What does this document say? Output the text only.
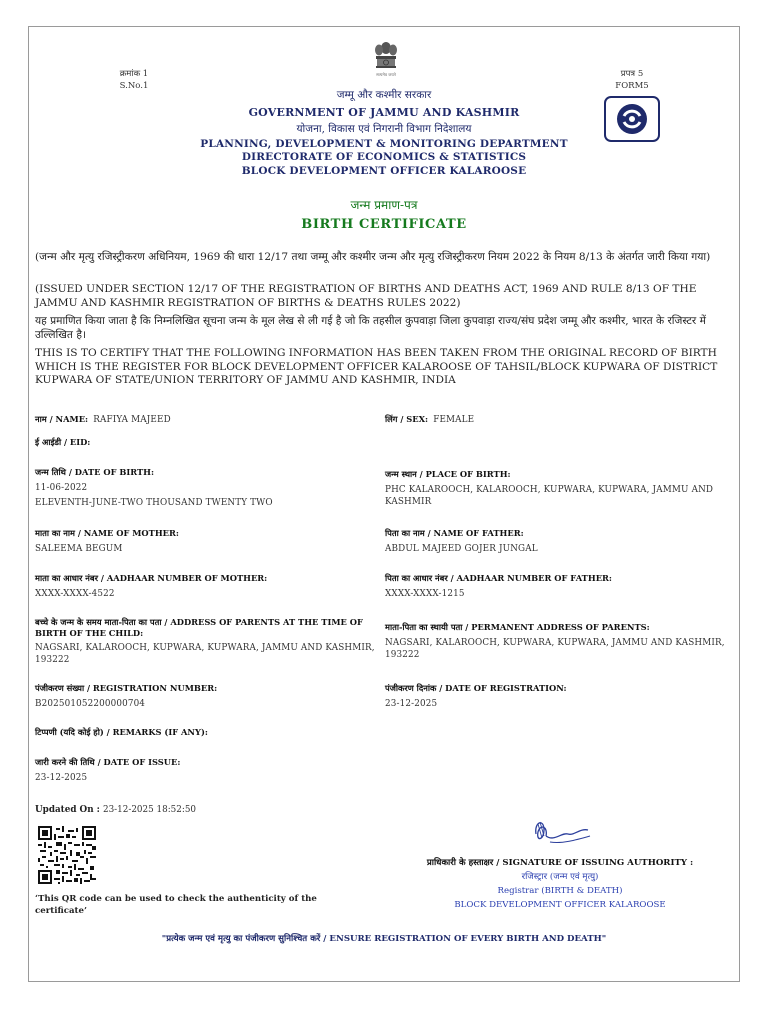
क्रमांक 1
S.No.1
प्रपत्र 5
FORM5
सत्यमेव जयते
जम्मू और कश्मीर सरकार
GOVERNMENT OF JAMMU AND KASHMIR
योजना, विकास एवं निगरानी विभाग निदेशालय
PLANNING, DEVELOPMENT & MONITORING DEPARTMENT
DIRECTORATE OF ECONOMICS & STATISTICS
BLOCK DEVELOPMENT OFFICER KALAROOSE
जन्म प्रमाण-पत्र
BIRTH CERTIFICATE
(जन्म और मृत्यु रजिस्ट्रीकरण अधिनियम, 1969 की धारा 12/17 तथा जम्मू और कश्मीर जन्म और मृत्यु रजिस्ट्रीकरण नियम 2022 के नियम 8/13 के अंतर्गत जारी किया गया)
(ISSUED UNDER SECTION 12/17 OF THE REGISTRATION OF BIRTHS AND DEATHS ACT, 1969 AND RULE 8/13 OF THE JAMMU AND KASHMIR REGISTRATION OF BIRTHS & DEATHS RULES 2022)
यह प्रमाणित किया जाता है कि निम्नलिखित सूचना जन्म के मूल लेख से ली गई है जो कि तहसील कुपवाड़ा जिला कुपवाड़ा राज्य/संघ प्रदेश जम्मू और कश्मीर, भारत के रजिस्टर में उल्लिखित है।
THIS IS TO CERTIFY THAT THE FOLLOWING INFORMATION HAS BEEN TAKEN FROM THE ORIGINAL RECORD OF BIRTH WHICH IS THE REGISTER FOR BLOCK DEVELOPMENT OFFICER KALAROOSE OF TAHSIL/BLOCK KUPWARA OF DISTRICT KUPWARA OF STATE/UNION TERRITORY OF JAMMU AND KASHMIR, INDIA
नाम / NAME: RAFIYA MAJEED	लिंग / SEX: FEMALE
ई आईडी / EID:
जन्म तिथि / DATE OF BIRTH:
11-06-2022
ELEVENTH-JUNE-TWO THOUSAND TWENTY TWO
जन्म स्थान / PLACE OF BIRTH:
PHC KALAROOCH, KALAROOCH, KUPWARA, KUPWARA, JAMMU AND KASHMIR
माता का नाम / NAME OF MOTHER:
SALEEMA BEGUM
पिता का नाम / NAME OF FATHER:
ABDUL MAJEED GOJER JUNGAL
माता का आधार नंबर / AADHAAR NUMBER OF MOTHER:
XXXX-XXXX-4522
पिता का आधार नंबर / AADHAAR NUMBER OF FATHER:
XXXX-XXXX-1215
बच्चे के जन्म के समय माता-पिता का पता / ADDRESS OF PARENTS AT THE TIME OF BIRTH OF THE CHILD:
NAGSARI, KALAROOCH, KUPWARA, KUPWARA, JAMMU AND KASHMIR, 193222
माता-पिता का स्थायी पता / PERMANENT ADDRESS OF PARENTS:
NAGSARI, KALAROOCH, KUPWARA, KUPWARA, JAMMU AND KASHMIR, 193222
पंजीकरण संख्या / REGISTRATION NUMBER:
B202501052200000704
पंजीकरण दिनांक / DATE OF REGISTRATION:
23-12-2025
टिप्पणी (यदि कोई हो) / REMARKS (IF ANY):
जारी करने की तिथि / DATE OF ISSUE:
23-12-2025
Updated On : 23-12-2025 18:52:50
‘This QR code can be used to check the authenticity of the certificate’
प्राधिकारी के हस्ताक्षर / SIGNATURE OF ISSUING AUTHORITY :
रजिस्ट्रार (जन्म एवं मृत्यु)
Registrar (BIRTH & DEATH)
BLOCK DEVELOPMENT OFFICER KALAROOSE
"प्रत्येक जन्म एवं मृत्यु का पंजीकरण सुनिश्चित करें / ENSURE REGISTRATION OF EVERY BIRTH AND DEATH"
